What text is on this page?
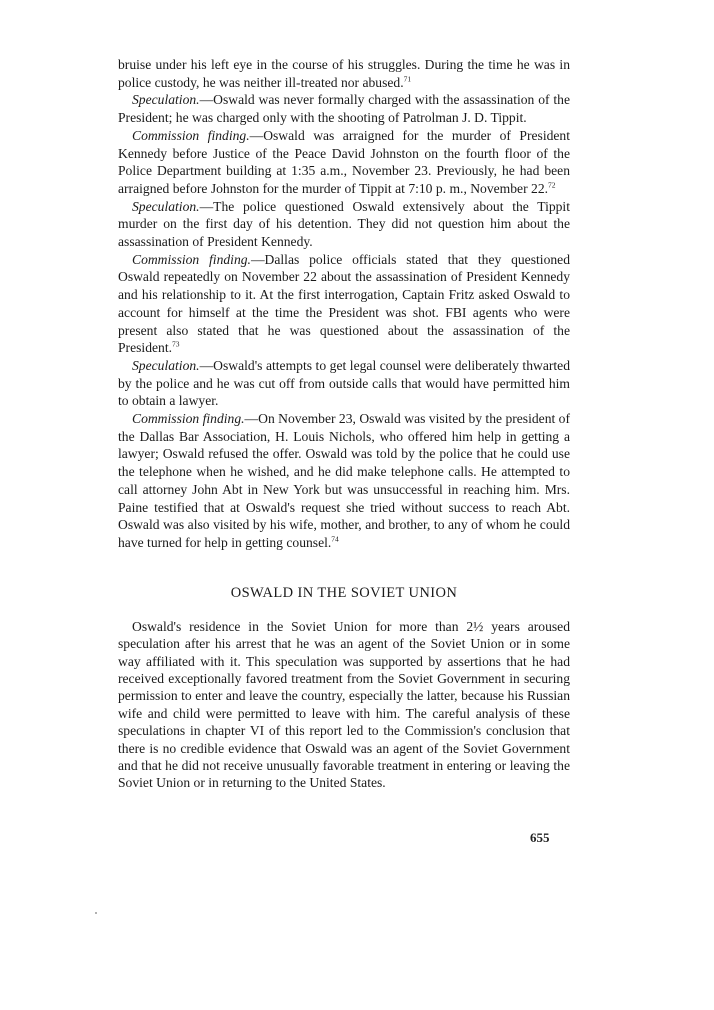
bruise under his left eye in the course of his struggles. During the time he was in police custody, he was neither ill-treated nor abused.$^{71}$

Speculation.—Oswald was never formally charged with the assassination of the President; he was charged only with the shooting of Patrolman J. D. Tippit.

Commission finding.—Oswald was arraigned for the murder of President Kennedy before Justice of the Peace David Johnston on the fourth floor of the Police Department building at 1:35 a.m., November 23. Previously, he had been arraigned before Johnston for the murder of Tippit at 7:10 p. m., November 22.72

Speculation.—The police questioned Oswald extensively about the Tippit murder on the first day of his detention. They did not question him about the assassination of President Kennedy.

Commission finding.—Dallas police officials stated that they questioned Oswald repeatedly on November 22 about the assassination of President Kennedy and his relationship to it. At the first interrogation, Captain Fritz asked Oswald to account for himself at the time the President was shot. FBI agents who were present also stated that he was questioned about the assassination of the President.$^{73}$

Speculation.—Oswald's attempts to get legal counsel were deliberately thwarted by the police and he was cut off from outside calls that would have permitted him to obtain a lawyer.

Commission finding.—On November 23, Oswald was visited by the president of the Dallas Bar Association, H. Louis Nichols, who offered him help in getting a lawyer; Oswald refused the offer. Oswald was told by the police that he could use the telephone when he wished, and he did make telephone calls. He attempted to call attorney John Abt in New York but was unsuccessful in reaching him. Mrs. Paine testified that at Oswald's request she tried without success to reach Abt. Oswald was also visited by his wife, mother, and brother, to any of whom he could have turned for help in getting counsel.$^{74}$

OSWALD IN THE SOVIET UNION

Oswald's residence in the Soviet Union for more than 2½ years aroused speculation after his arrest that he was an agent of the Soviet Union or in some way affiliated with it. This speculation was supported by assertions that he had received exceptionally favored treatment from the Soviet Government in securing permission to enter and leave the country, especially the latter, because his Russian wife and child were permitted to leave with him. The careful analysis of these speculations in chapter VI of this report led to the Commission's conclusion that there is no credible evidence that Oswald was an agent of the Soviet Government and that he did not receive unusually favorable treatment in entering or leaving the Soviet Union or in returning to the United States.

655
